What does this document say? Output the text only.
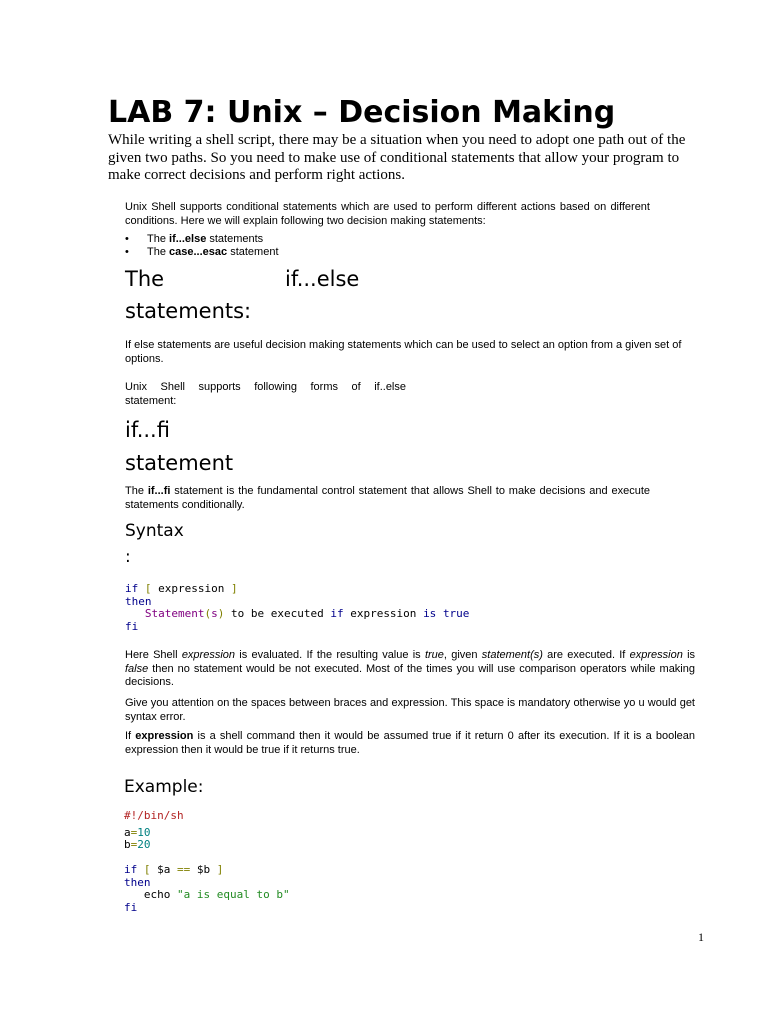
LAB 7: Unix – Decision Making
While writing a shell script, there may be a situation when you need to adopt one path out of the given two paths. So you need to make use of conditional statements that allow your program to make correct decisions and perform right actions.
Unix Shell supports conditional statements which are used to perform different actions based on different conditions. Here we will explain following two decision making statements:
• The if...else statements
• The case...esac statement
The	if...else
statements:
If else statements are useful decision making statements which can be used to select an option from a given set of options.
Unix Shell supports following forms of if..else
statement:
if...fi
statement
The if...fi statement is the fundamental control statement that allows Shell to make decisions and execute statements conditionally.
Syntax
:
if [ expression ]
then
Statement(s) to be executed if expression is true
fi
Here Shell expression is evaluated. If the resulting value is true, given statement(s) are executed. If expression is false then no statement would be not executed. Most of the times you will use comparison operators while making decisions.
Give you attention on the spaces between braces and expression. This space is mandatory otherwise yo u would get syntax error.
If expression is a shell command then it would be assumed true if it return 0 after its execution. If it is a boolean expression then it would be true if it returns true.
Example:
#!/bin/sh
a=10
b=20
if [ $a == $b ]
then
echo "a is equal to b"
fi
1
